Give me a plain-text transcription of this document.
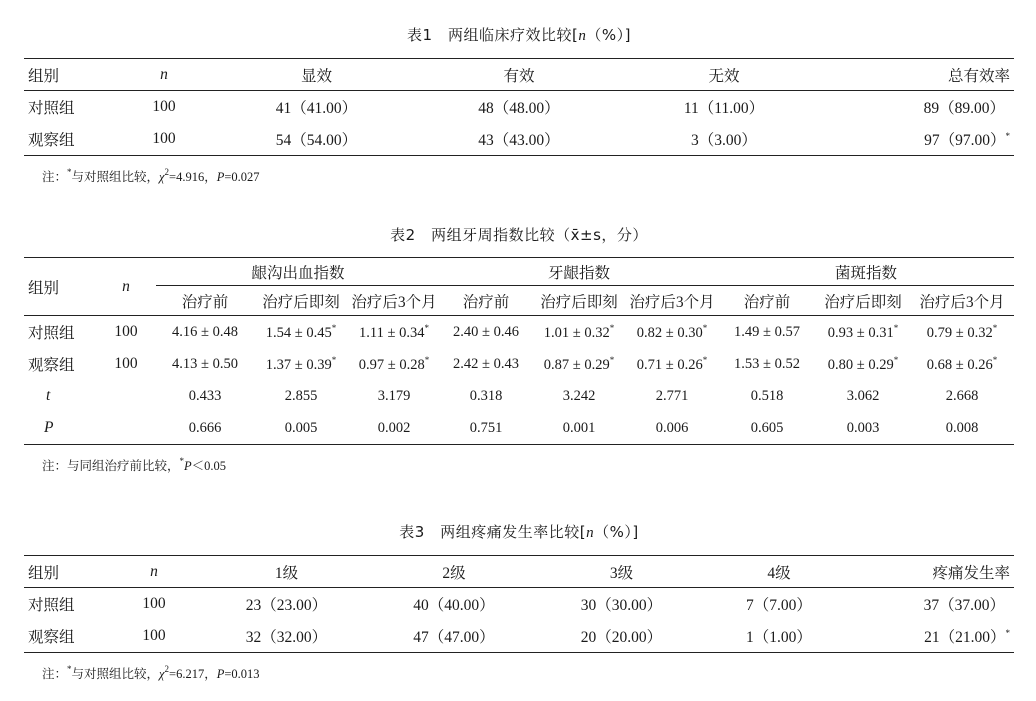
表1　两组临床疗效比较[n（%）]
组别	n	显效	有效	无效	总有效率
对照组	100	41（41.00）	48（48.00）	11（11.00）	89（89.00）
观察组	100	54（54.00）	43（43.00）	3（3.00）	97（97.00）*
注：*与对照组比较，$\chi^2=4.916$，P=0.027
表2　两组牙周指数比较（x̄±s，分）
组别	n	龈沟出血指数			牙龈指数			菌斑指数		
		治疗前	治疗后即刻	治疗后3个月	治疗前	治疗后即刻	治疗后3个月	治疗前	治疗后即刻	治疗后3个月
对照组	100	4.16 ± 0.48	1.54 ± 0.45*	1.11 ± 0.34*	2.40 ± 0.46	1.01 ± 0.32*	0.82 ± 0.30*	1.49 ± 0.57	0.93 ± 0.31*	0.79 ± 0.32*
观察组	100	4.13 ± 0.50	1.37 ± 0.39*	0.97 ± 0.28*	2.42 ± 0.43	0.87 ± 0.29*	0.71 ± 0.26*	1.53 ± 0.52	0.80 ± 0.29*	0.68 ± 0.26*
t		0.433	2.855	3.179	0.318	3.242	2.771	0.518	3.062	2.668
P		0.666	0.005	0.002	0.751	0.001	0.006	0.605	0.003	0.008
注：与同组治疗前比较，*P＜0.05
表3　两组疼痛发生率比较[n（%）]
组别	n	1级	2级	3级	4级	疼痛发生率
对照组	100	23（23.00）	40（40.00）	30（30.00）	7（7.00）	37（37.00）
观察组	100	32（32.00）	47（47.00）	20（20.00）	1（1.00）	21（21.00）*
注：*与对照组比较，$\chi^2=6.217$，P=0.013
